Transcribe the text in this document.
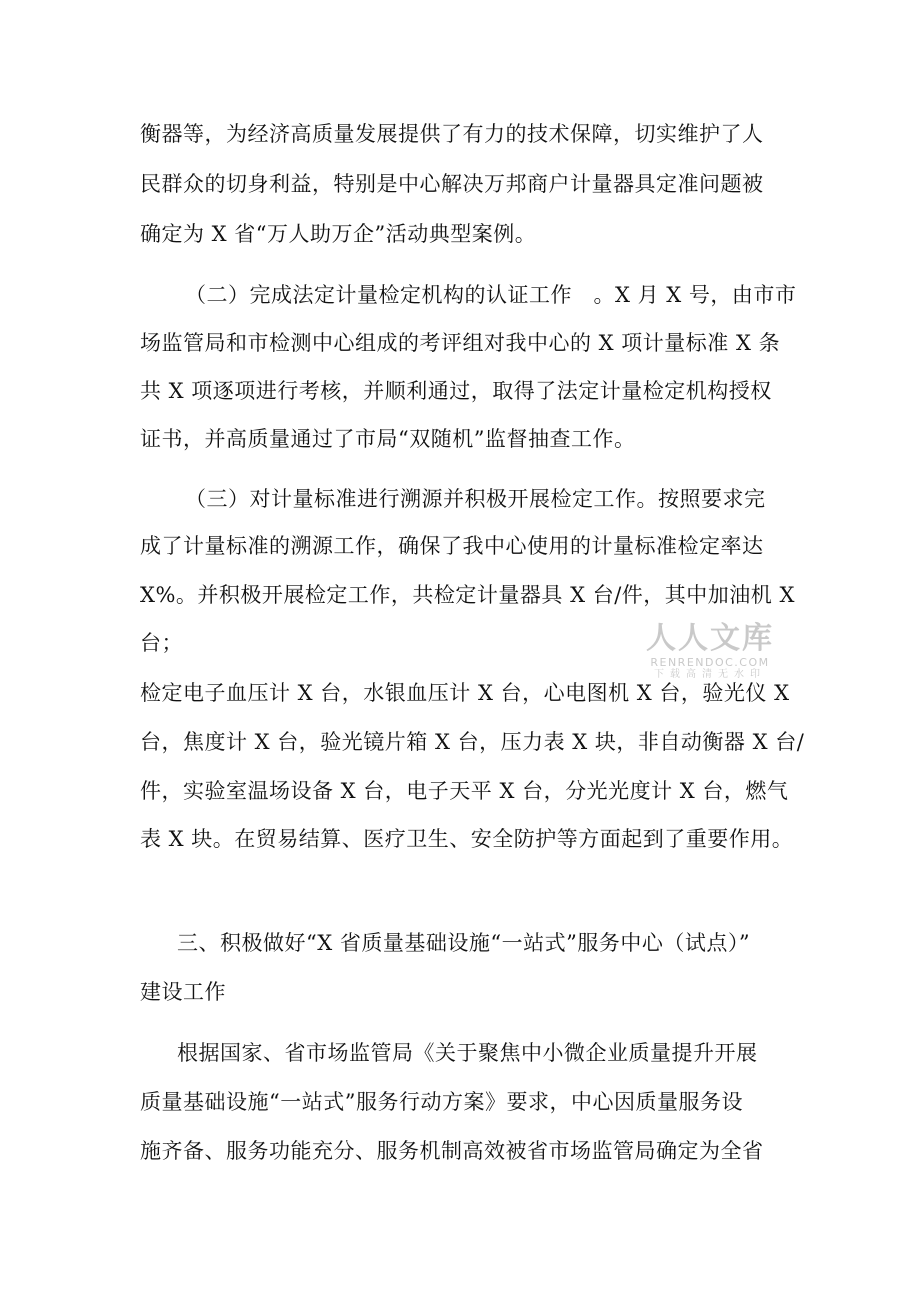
衡器等，为经济高质量发展提供了有力的技术保障，切实维护了人
民群众的切身利益，特别是中心解决万邦商户计量器具定准问题被
确定为 X 省“万人助万企”活动典型案例。
（二）完成法定计量检定机构的认证工作　。X 月 X 号，由市市
场监管局和市检测中心组成的考评组对我中心的 X 项计量标准 X 条
共 X 项逐项进行考核，并顺利通过，取得了法定计量检定机构授权
证书，并高质量通过了市局“双随机”监督抽查工作。
（三）对计量标准进行溯源并积极开展检定工作。按照要求完
成了计量标准的溯源工作，确保了我中心使用的计量标准检定率达
X%。并积极开展检定工作，共检定计量器具 X 台/件，其中加油机 X
台；
检定电子血压计 X 台，水银血压计 X 台，心电图机 X 台，验光仪 X
台，焦度计 X 台，验光镜片箱 X 台，压力表 X 块，非自动衡器 X 台/
件，实验室温场设备 X 台，电子天平 X 台，分光光度计 X 台，燃气
表 X 块。在贸易结算、医疗卫生、安全防护等方面起到了重要作用。
三、积极做好“X 省质量基础设施“一站式”服务中心（试点）”
建设工作
根据国家、省市场监管局《关于聚焦中小微企业质量提升开展
质量基础设施“一站式”服务行动方案》要求，中心因质量服务设
施齐备、服务功能充分、服务机制高效被省市场监管局确定为全省
人人文库
RENRENDOC.COM
下载高清无水印
